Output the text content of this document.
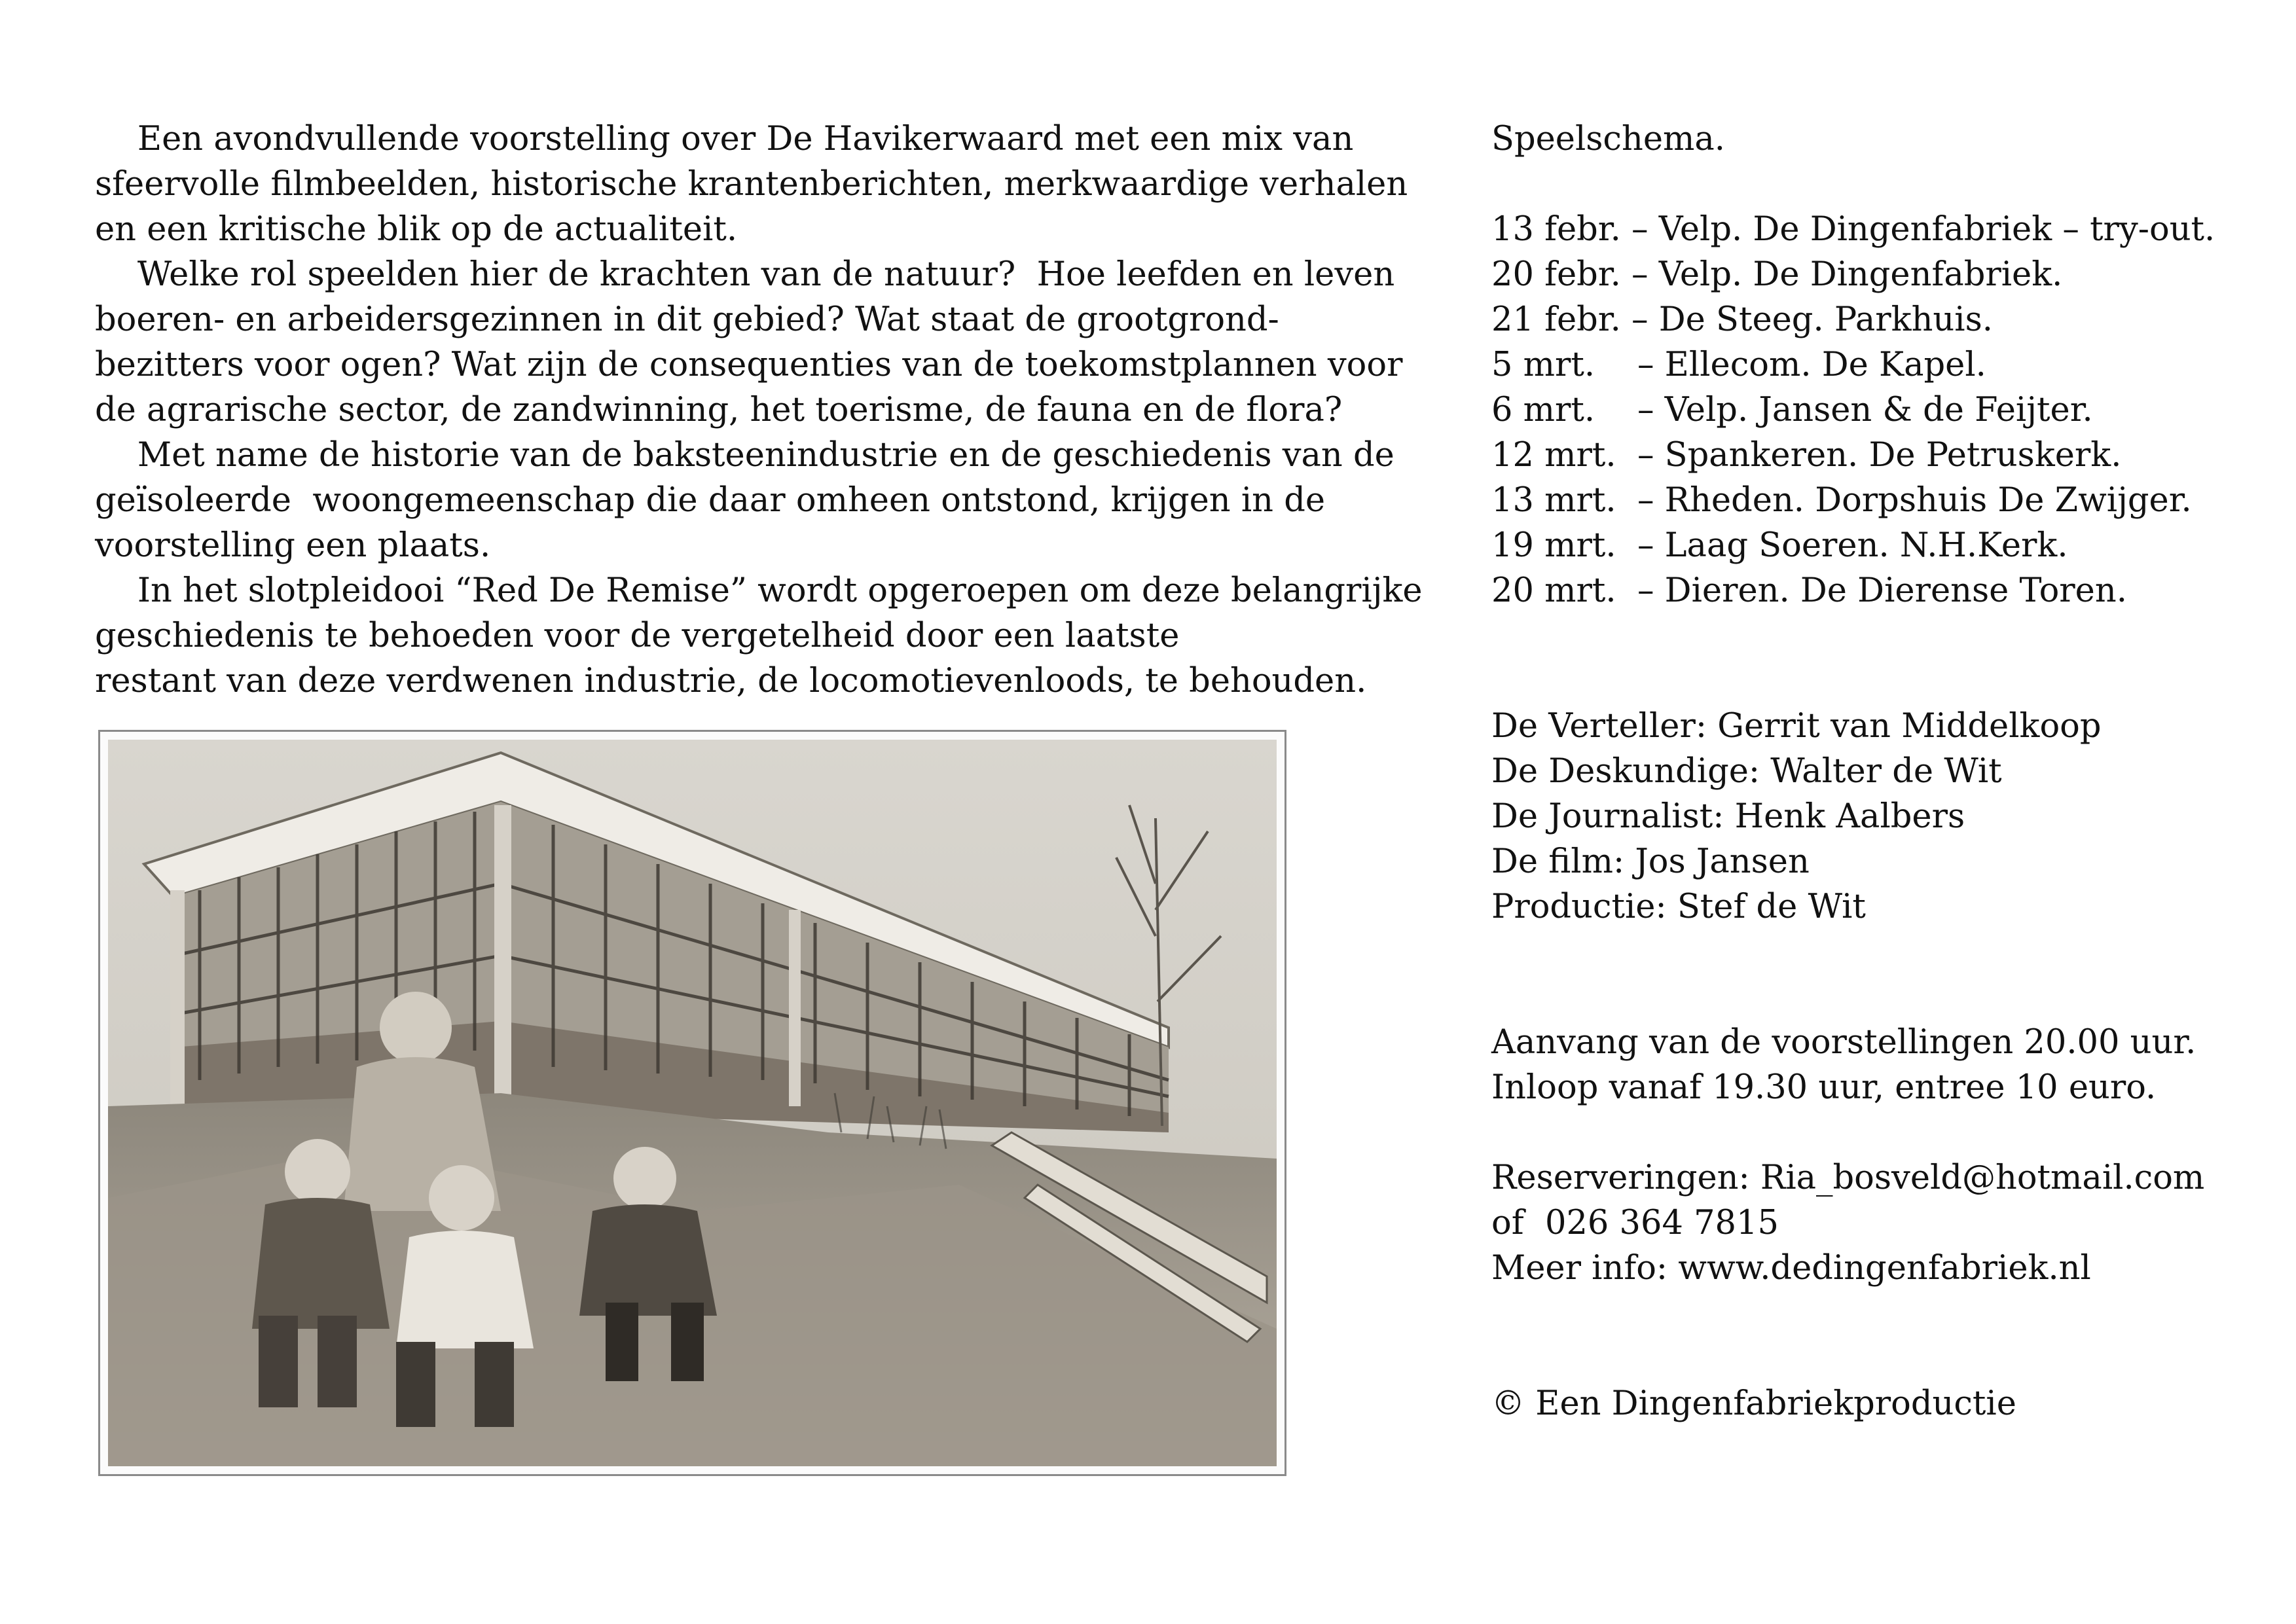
Een avondvullende voorstelling over De Havikerwaard met een mix van

sfeervolle filmbeelden, historische krantenberichten, merkwaardige verhalen

en een kritische blik op de actualiteit.

Welke rol speelden hier de krachten van de natuur?  Hoe leefden en leven

boeren- en arbeidersgezinnen in dit gebied? Wat staat de grootgrond-

bezitters voor ogen? Wat zijn de consequenties van de toekomstplannen voor

de agrarische sector, de zandwinning, het toerisme, de fauna en de flora?

Met name de historie van de baksteenindustrie en de geschiedenis van de

geïsoleerde  woongemeenschap die daar omheen ontstond, krijgen in de

voorstelling een plaats.

In het slotpleidooi “Red De Remise” wordt opgeroepen om deze belangrijke

geschiedenis te behoeden voor de vergetelheid door een laatste

restant van deze verdwenen industrie, de locomotievenloods, te behouden.

Speelschema.

13 febr. – Velp. De Dingenfabriek – try-out.

20 febr. – Velp. De Dingenfabriek.

21 febr. – De Steeg. Parkhuis.

5 mrt.    – Ellecom. De Kapel.

6 mrt.    – Velp. Jansen & de Feijter.

12 mrt.  – Spankeren. De Petruskerk.

13 mrt.  – Rheden. Dorpshuis De Zwijger.

19 mrt.  – Laag Soeren. N.H.Kerk.

20 mrt.  – Dieren. De Dierense Toren.

De Verteller: Gerrit van Middelkoop

De Deskundige: Walter de Wit

De Journalist: Henk Aalbers

De film: Jos Jansen

Productie: Stef de Wit

Aanvang van de voorstellingen 20.00 uur.

Inloop vanaf 19.30 uur, entree 10 euro.

Reserveringen: Ria_bosveld@hotmail.com

of  026 364 7815

Meer info: www.dedingenfabriek.nl

© Een Dingenfabriekproductie
